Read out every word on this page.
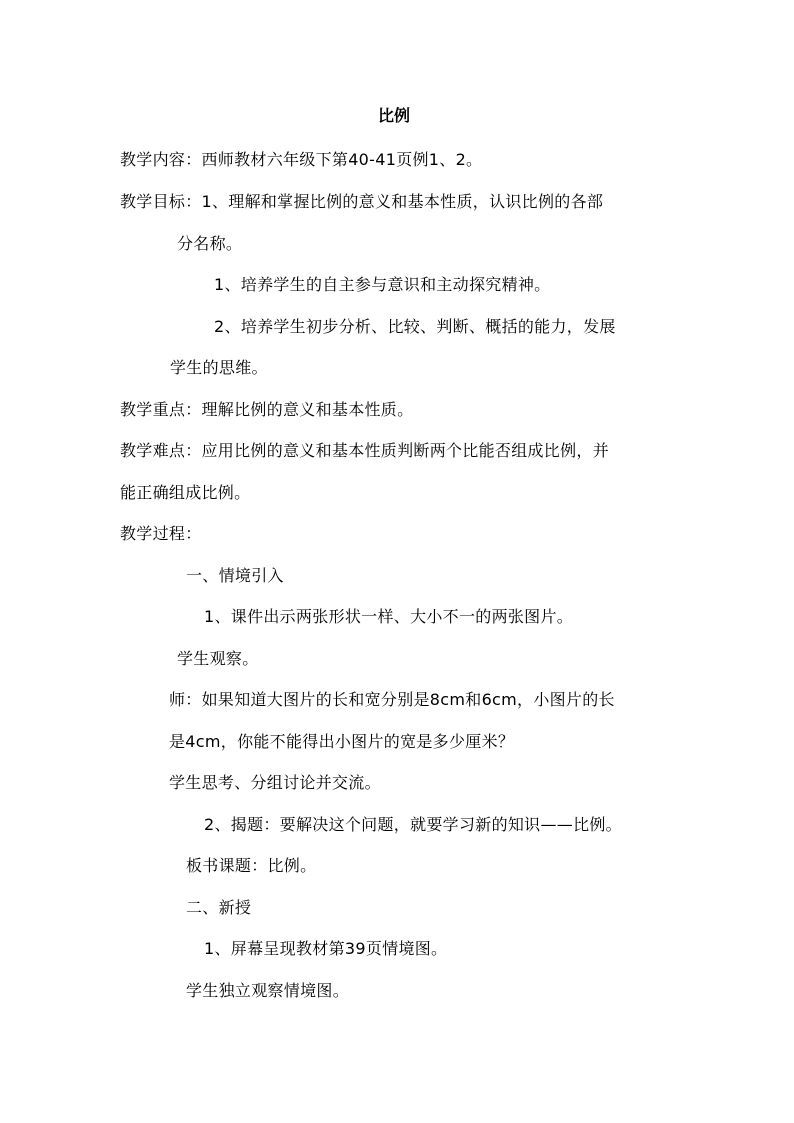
比例
教学内容：西师教材六年级下第40-41页例1、2。
教学目标：1、理解和掌握比例的意义和基本性质，认识比例的各部
分名称。
1、培养学生的自主参与意识和主动探究精神。
2、培养学生初步分析、比较、判断、概括的能力，发展
学生的思维。
教学重点：理解比例的意义和基本性质。
教学难点：应用比例的意义和基本性质判断两个比能否组成比例，并
能正确组成比例。
教学过程：
一、情境引入
1、课件出示两张形状一样、大小不一的两张图片。
学生观察。
师：如果知道大图片的长和宽分别是8cm和6cm，小图片的长
是4cm，你能不能得出小图片的宽是多少厘米？
学生思考、分组讨论并交流。
2、揭题：要解决这个问题，就要学习新的知识——比例。
板书课题：比例。
二、新授
1、屏幕呈现教材第39页情境图。
学生独立观察情境图。
